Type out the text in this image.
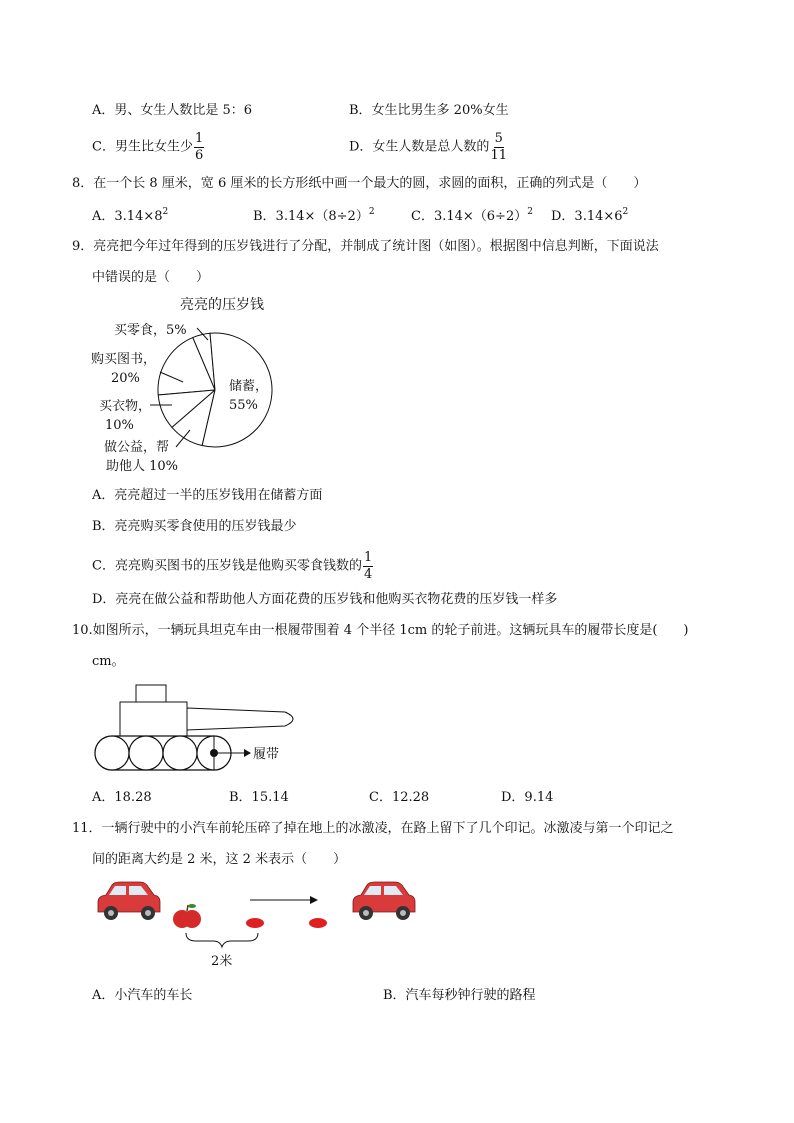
A．男、女生人数比是 5：6	B．女生比男生多 20%女生
C．男生比女生少 $\frac{1}{6}$	D．女生人数是总人数的 $\frac{5}{11}$
8．在一个长 8 厘米，宽 6 厘米的长方形纸中画一个最大的圆，求圆的面积，正确的列式是（　　）
A．$3.14\times 8^2$	B．$3.14\times(8\div 2)^2$	C．$3.14\times(6\div 2)^2$ D．$3.14\times 6^2$
9．亮亮把今年过年得到的压岁钱进行了分配，并制成了统计图（如图）。根据图中信息判断，下面说法
中错误的是（　　）
亮亮的压岁钱
买零食，5%
购买图书，
20%
买衣物，
10%
做公益，帮
助他人 10%
储蓄，
55%
A．亮亮超过一半的压岁钱用在储蓄方面
B．亮亮购买零食使用的压岁钱最少
C．亮亮购买图书的压岁钱是他购买零食钱数的 $\frac{1}{4}$
D．亮亮在做公益和帮助他人方面花费的压岁钱和他购买衣物花费的压岁钱一样多
10.如图所示，一辆玩具坦克车由一根履带围着 4 个半径 1cm 的轮子前进。这辆玩具车的履带长度是(　　)
cm。
履带
A．18.28	B．15.14	C．12.28	D．9.14
11．一辆行驶中的小汽车前轮压碎了掉在地上的冰激凌，在路上留下了几个印记。冰激凌与第一个印记之
间的距离大约是 2 米，这 2 米表示（　　）
2米
A．小汽车的车长	B．汽车每秒钟行驶的路程
